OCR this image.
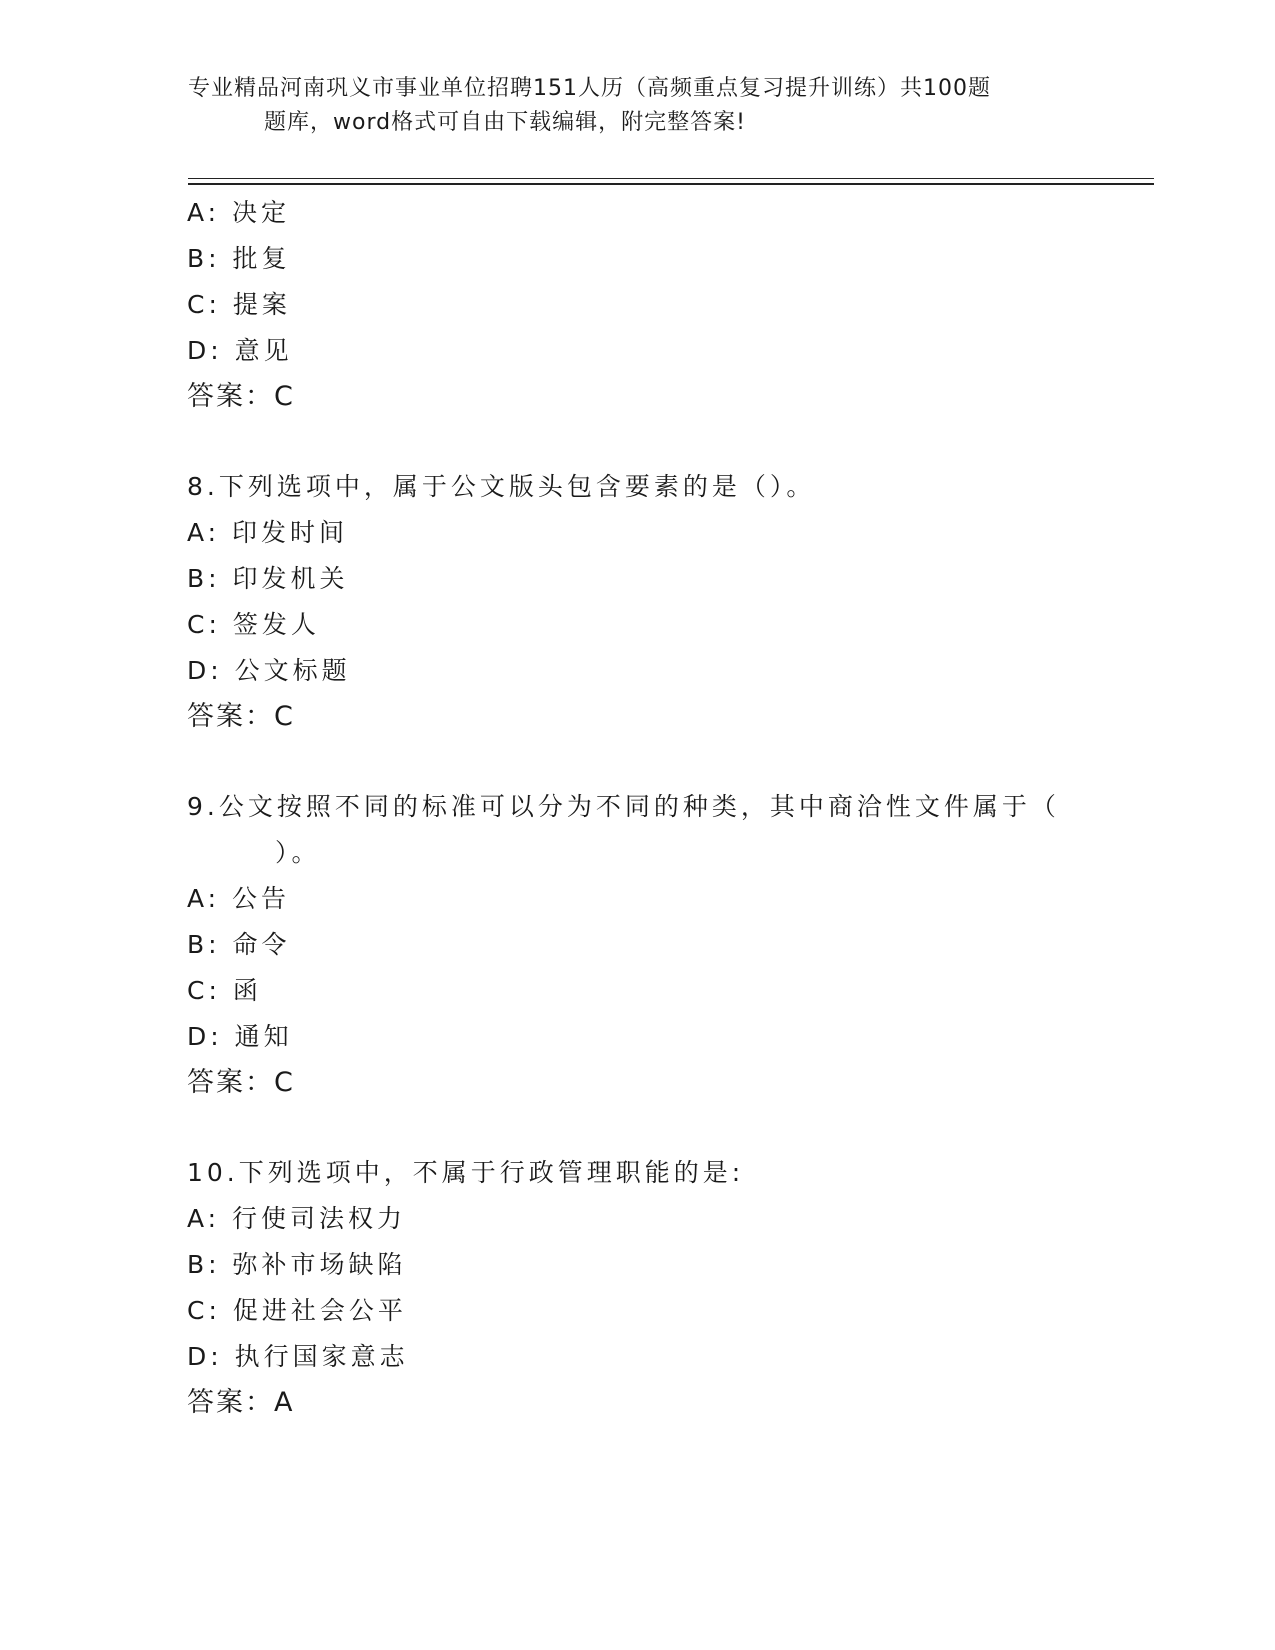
专业精品河南巩义市事业单位招聘151人历（高频重点复习提升训练）共100题
题库，word格式可自由下载编辑，附完整答案!
A: 决定
B: 批复
C: 提案
D: 意见
答案：C
8.下列选项中，属于公文版头包含要素的是（）。
A: 印发时间
B: 印发机关
C: 签发人
D: 公文标题
答案：C
9.公文按照不同的标准可以分为不同的种类，其中商洽性文件属于（
）。
A: 公告
B: 命令
C: 函
D: 通知
答案：C
10.下列选项中，不属于行政管理职能的是:
A: 行使司法权力
B: 弥补市场缺陷
C: 促进社会公平
D: 执行国家意志
答案：A
